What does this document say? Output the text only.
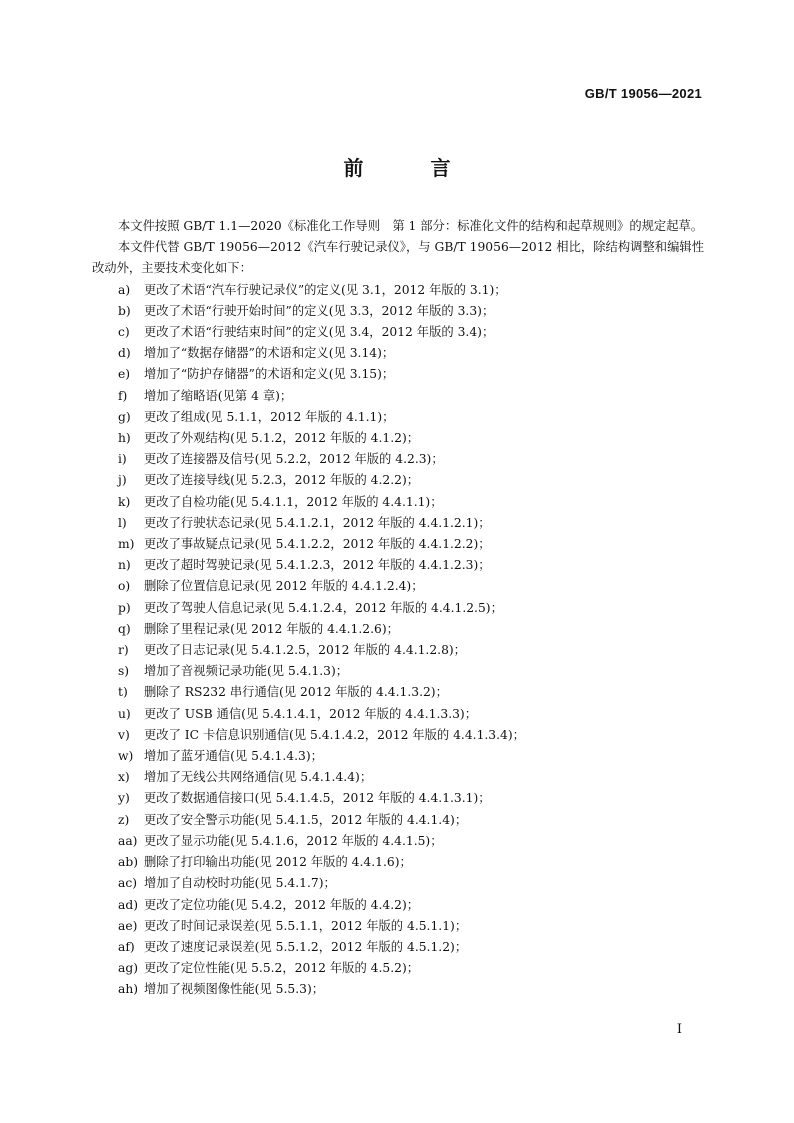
GB/T 19056—2021
前 言

本文件按照 GB/T 1.1—2020《标准化工作导则　第 1 部分：标准化文件的结构和起草规则》的规定起草。

本文件代替 GB/T 19056—2012《汽车行驶记录仪》，与 GB/T 19056—2012 相比，除结构调整和编辑性改动外，主要技术变化如下：

a)	更改了术语“汽车行驶记录仪”的定义(见 3.1，2012 年版的 3.1)；
b)	更改了术语“行驶开始时间”的定义(见 3.3，2012 年版的 3.3)；
c)	更改了术语“行驶结束时间”的定义(见 3.4，2012 年版的 3.4)；
d)	增加了“数据存储器”的术语和定义(见 3.14)；
e)	增加了“防护存储器”的术语和定义(见 3.15)；
f)	增加了缩略语(见第 4 章)；
g)	更改了组成(见 5.1.1，2012 年版的 4.1.1)；
h)	更改了外观结构(见 5.1.2，2012 年版的 4.1.2)；
i)	更改了连接器及信号(见 5.2.2，2012 年版的 4.2.3)；
j)	更改了连接导线(见 5.2.3，2012 年版的 4.2.2)；
k)	更改了自检功能(见 5.4.1.1，2012 年版的 4.4.1.1)；
l)	更改了行驶状态记录(见 5.4.1.2.1，2012 年版的 4.4.1.2.1)；
m) 更改了事故疑点记录(见 5.4.1.2.2，2012 年版的 4.4.1.2.2)；
n)	更改了超时驾驶记录(见 5.4.1.2.3，2012 年版的 4.4.1.2.3)；
o)	删除了位置信息记录(见 2012 年版的 4.4.1.2.4)；
p)	更改了驾驶人信息记录(见 5.4.1.2.4，2012 年版的 4.4.1.2.5)；
q)	删除了里程记录(见 2012 年版的 4.4.1.2.6)；
r)	更改了日志记录(见 5.4.1.2.5，2012 年版的 4.4.1.2.8)；
s)	增加了音视频记录功能(见 5.4.1.3)；
t)	删除了 RS232 串行通信(见 2012 年版的 4.4.1.3.2)；
u)	更改了 USB 通信(见 5.4.1.4.1，2012 年版的 4.4.1.3.3)；
v)	更改了 IC 卡信息识别通信(见 5.4.1.4.2，2012 年版的 4.4.1.3.4)；
w) 增加了蓝牙通信(见 5.4.1.4.3)；
x)	增加了无线公共网络通信(见 5.4.1.4.4)；
y)	更改了数据通信接口(见 5.4.1.4.5，2012 年版的 4.4.1.3.1)；
z)	更改了安全警示功能(见 5.4.1.5，2012 年版的 4.4.1.4)；
aa) 更改了显示功能(见 5.4.1.6，2012 年版的 4.4.1.5)；
ab) 删除了打印输出功能(见 2012 年版的 4.4.1.6)；
ac) 增加了自动校时功能(见 5.4.1.7)；
ad) 更改了定位功能(见 5.4.2，2012 年版的 4.4.2)；
ae) 更改了时间记录误差(见 5.5.1.1，2012 年版的 4.5.1.1)；
af) 更改了速度记录误差(见 5.5.1.2，2012 年版的 4.5.1.2)；
ag) 更改了定位性能(见 5.5.2，2012 年版的 4.5.2)；
ah) 增加了视频图像性能(见 5.5.3)；
I
